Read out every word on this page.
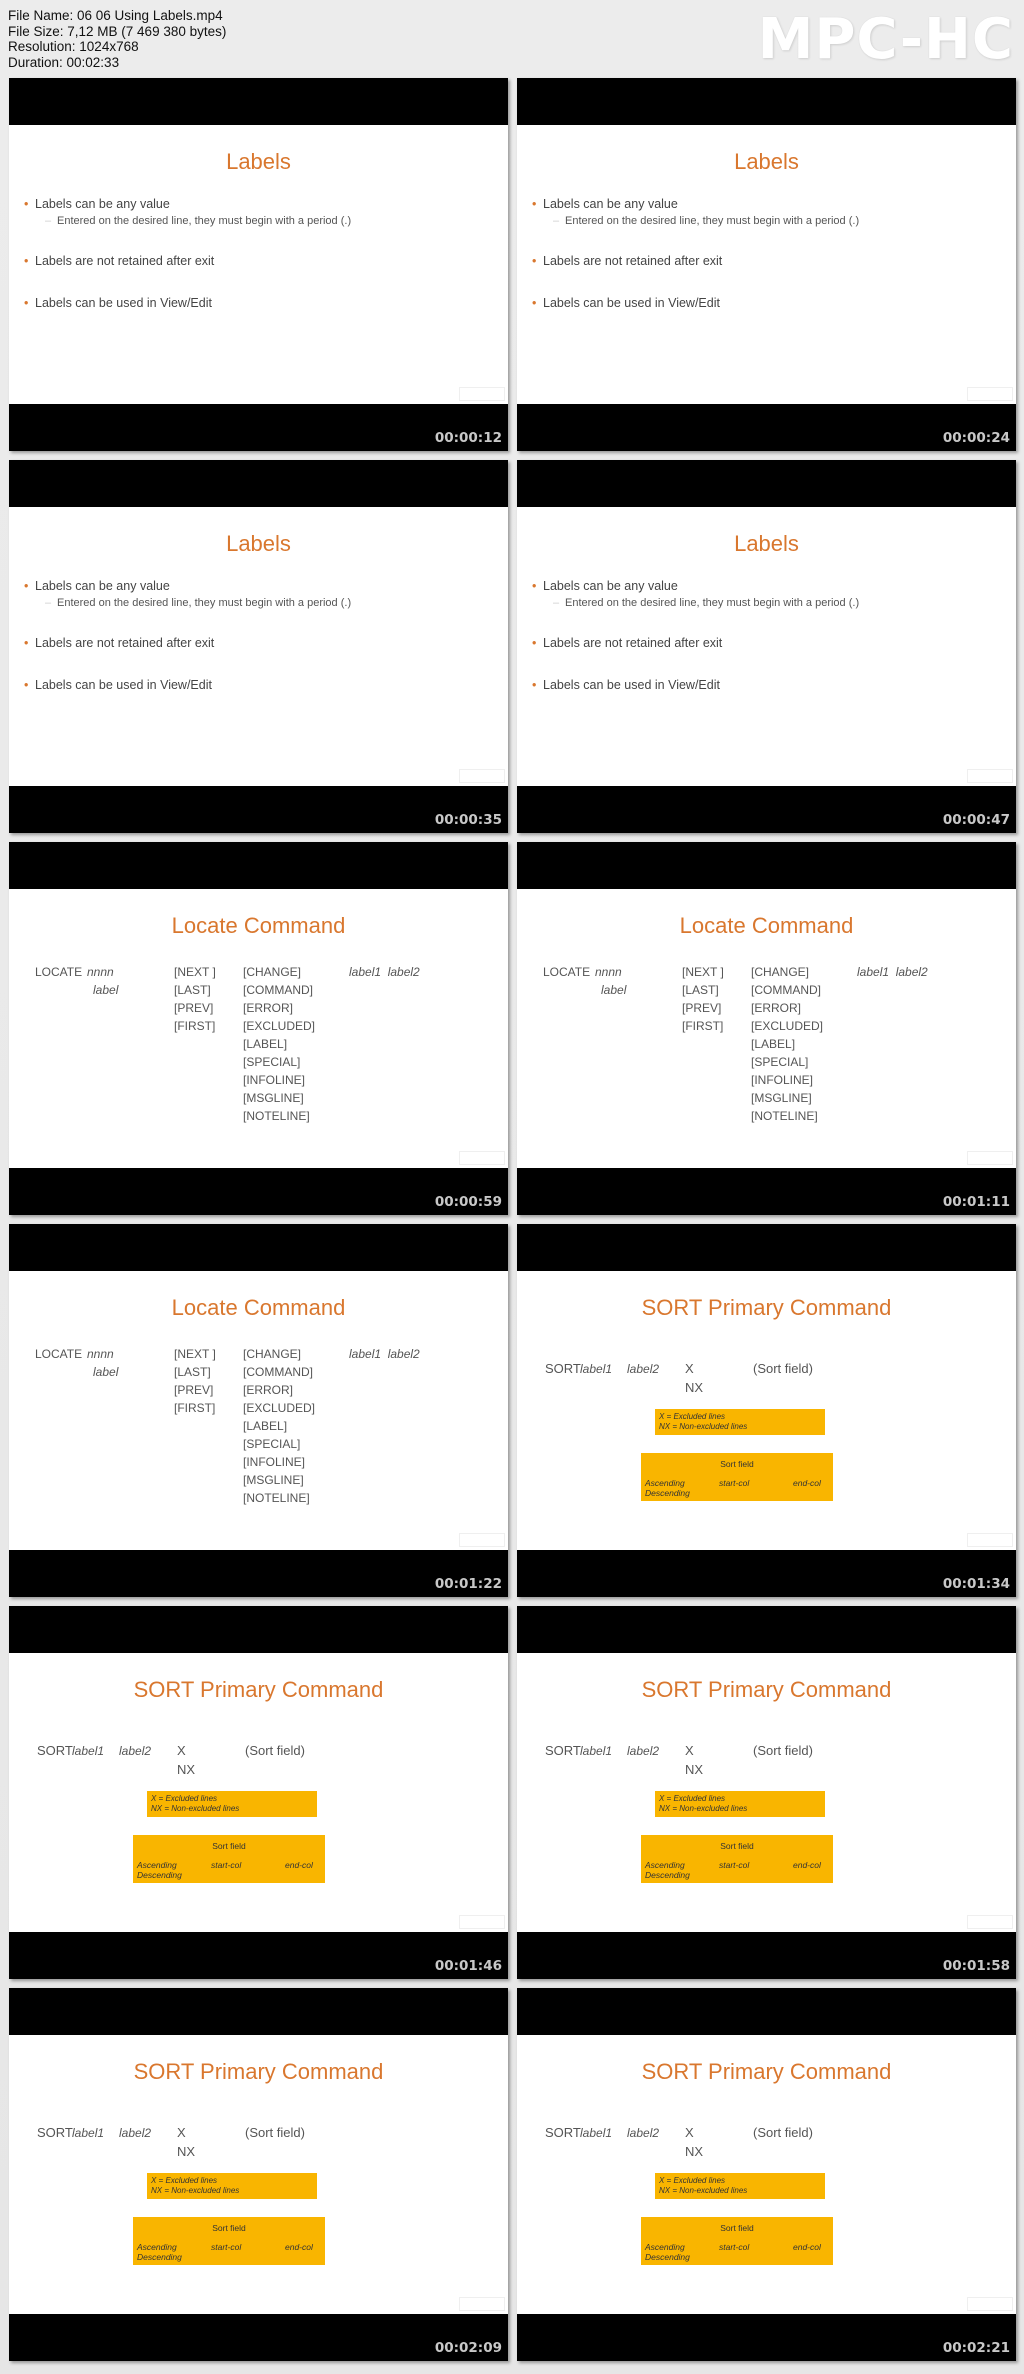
File Name: 06 06 Using Labels.mp4
File Size: 7,12 MB (7 469 380 bytes)
Resolution: 1024x768
Duration: 00:02:33	MPC-HC
Labels
• Labels can be any value
– Entered on the desired line, they must begin with a period (.)
• Labels are not retained after exit
• Labels can be used in View/Edit
00:00:12
Labels
• Labels can be any value
– Entered on the desired line, they must begin with a period (.)
• Labels are not retained after exit
• Labels can be used in View/Edit
00:00:24
Labels
• Labels can be any value
– Entered on the desired line, they must begin with a period (.)
• Labels are not retained after exit
• Labels can be used in View/Edit
00:00:35
Labels
• Labels can be any value
– Entered on the desired line, they must begin with a period (.)
• Labels are not retained after exit
• Labels can be used in View/Edit
00:00:47
Locate Command
LOCATE nnnn
label
[NEXT ]
[LAST]
[PREV]
[FIRST]
[CHANGE]
[COMMAND]
[ERROR]
[EXCLUDED]
[LABEL]
[SPECIAL]
[INFOLINE]
[MSGLINE]
[NOTELINE]
label1  label2
00:00:59
Locate Command
LOCATE nnnn
label
[NEXT ]
[LAST]
[PREV]
[FIRST]
[CHANGE]
[COMMAND]
[ERROR]
[EXCLUDED]
[LABEL]
[SPECIAL]
[INFOLINE]
[MSGLINE]
[NOTELINE]
label1  label2
00:01:11
Locate Command
LOCATE nnnn
label
[NEXT ]
[LAST]
[PREV]
[FIRST]
[CHANGE]
[COMMAND]
[ERROR]
[EXCLUDED]
[LABEL]
[SPECIAL]
[INFOLINE]
[MSGLINE]
[NOTELINE]
label1  label2
00:01:22
SORT Primary Command
SORT label1 label2 X
NX
(Sort field)
X = Excluded lines
NX = Non-excluded lines
Sort field
Ascending
Descending
start-col	end-col
00:01:34
SORT Primary Command
SORT label1 label2 X
NX
(Sort field)
X = Excluded lines
NX = Non-excluded lines
Sort field
Ascending
Descending
start-col	end-col
00:01:46
SORT Primary Command
SORT label1 label2 X
NX
(Sort field)
X = Excluded lines
NX = Non-excluded lines
Sort field
Ascending
Descending
start-col	end-col
00:01:58
SORT Primary Command
SORT label1 label2 X
NX
(Sort field)
X = Excluded lines
NX = Non-excluded lines
Sort field
Ascending
Descending
start-col	end-col
00:02:09
SORT Primary Command
SORT label1 label2 X
NX
(Sort field)
X = Excluded lines
NX = Non-excluded lines
Sort field
Ascending
Descending
start-col	end-col
00:02:21
